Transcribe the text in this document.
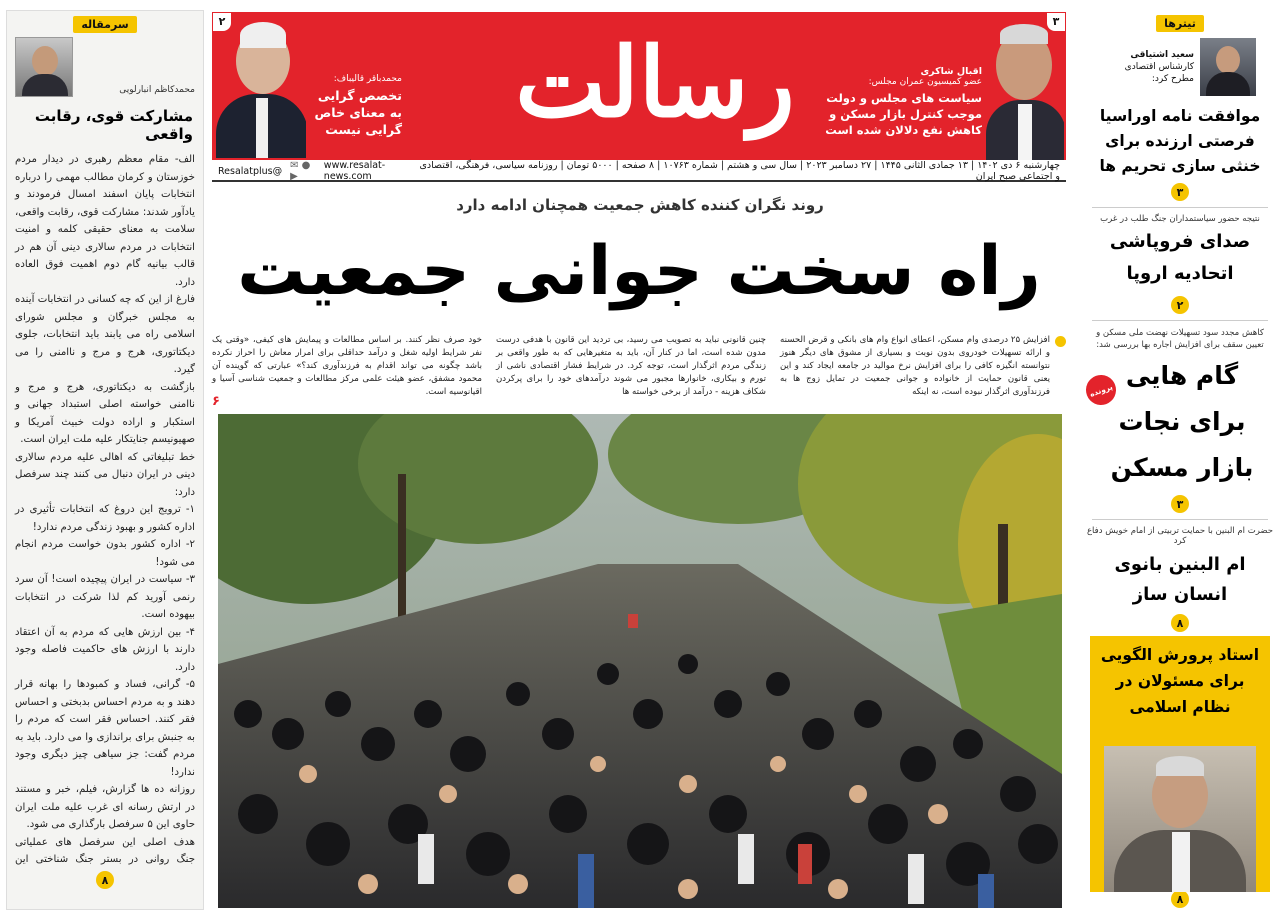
سرمقاله
محمدکاظم انبارلویی
مشارکت قوی، رقابت واقعی

الف- مقام معظم رهبری در دیدار مردم خوزستان و کرمان مطالب مهمی را درباره انتخابات پایان اسفند امسال فرمودند و یادآور شدند: مشارکت قوی، رقابت واقعی، سلامت به معنای حقیقی کلمه و امنیت انتخابات در مردم سالاری دینی آن هم در قالب بیانیه گام دوم اهمیت فوق العاده دارد.

فارغ از این که چه کسانی در انتخابات آینده به مجلس خبرگان و مجلس شورای اسلامی راه می یابند باید انتخابات، جلوی دیکتاتوری، هرج و مرج و ناامنی را می گیرد.

بازگشت به دیکتاتوری، هرج و مرج و ناامنی خواسته اصلی استبداد جهانی و استکبار و اراده دولت خبیث آمریکا و صهیونیسم جنایتکار علیه ملت ایران است.

خط تبلیغاتی که اهالی علیه مردم سالاری دینی در ایران دنبال می کنند چند سرفصل دارد:

۱- ترویج این دروغ که انتخابات تأثیری در اداره کشور و بهبود زندگی مردم ندارد!

۲- اداره کشور بدون خواست مردم انجام می شود!

۳- سیاست در ایران پیچیده است! آن سرد رنمی آورید کم لذا شرکت در انتخابات بیهوده است.

۴- بین ارزش هایی که مردم به آن اعتقاد دارند با ارزش های حاکمیت فاصله وجود دارد.

۵- گرانی، فساد و کمبودها را بهانه قرار دهند و به مردم احساس بدبختی و احساس فقر کنند. احساس فقر است که مردم را به جنبش برای براندازی وا می دارد. باید به مردم گفت: جز سیاهی چیز دیگری وجود ندارد!

روزانه ده ها گزارش، فیلم، خبر و مستند در ارتش رسانه ای غرب علیه ملت ایران حاوی این ۵ سرفصل بارگذاری می شود.

هدف اصلی این سرفصل های عملیاتی جنگ روانی در بستر جنگ شناختی این

۸
محمدباقر قالیباف:
تخصص گرایی به معنای خاص گرایی نیست	رسالت	اقبال شاکری
عضو کمیسیون عمران مجلس:
سیاست های مجلس و دولت موجب کنترل بازار مسکن و کاهش نفع دلالان شده است
۲	۳
چهارشنبه ۶ دی ۱۴۰۲ | ۱۳ جمادی الثانی ۱۴۴۵ | ۲۷ دسامبر ۲۰۲۳ | سال سی و هشتم | شماره ۱۰۷۶۳ | ۸ صفحه | ۵۰۰۰ تومان | روزنامه سیاسی، فرهنگی، اقتصادی و اجتماعی صبح ایران
Resalatplus@ ✉ ● ▶
www.resalat-news.com
روند نگران کننده کاهش جمعیت همچنان ادامه دارد
راه سخت جوانی جمعیت
افزایش ۲۵ درصدی وام مسکن، اعطای انواع وام های بانکی و قرض الحسنه و ارائه تسهیلات خودروی بدون نوبت و بسیاری از مشوق های دیگر هنوز نتوانسته انگیزه کافی را برای افزایش نرخ موالید در جامعه ایجاد کند و این یعنی قانون حمایت از خانواده و جوانی جمعیت در تمایل زوج ها به فرزندآوری اثرگذار نبوده است، نه اینکه
چنین قانونی نباید به تصویب می رسید، بی تردید این قانون با هدفی درست مدون شده است، اما در کنار آن، باید به متغیرهایی که به طور واقعی بر زندگی مردم اثرگذار است، توجه کرد. در شرایط فشار اقتصادی ناشی از تورم و بیکاری، خانوارها مجبور می شوند درآمدهای خود را برای پرکردن شکاف هزینه - درآمد از برخی خواسته ها
خود صرف نظر کنند. بر اساس مطالعات و پیمایش های کیفی، «وقتی یک نفر شرایط اولیه شغل و درآمد حداقلی برای امرار معاش را احراز نکرده باشد چگونه می تواند اقدام به فرزندآوری کند؟» عبارتی که گوینده آن محمود مشفق، عضو هیئت علمی مرکز مطالعات و جمعیت شناسی آسیا و اقیانوسیه است.
۶
تیترها
سعید اشتیاقی
کارشناس اقتصادی مطرح کرد:
موافقت نامه اوراسیا فرصتی ارزنده برای خنثی سازی تحریم ها
۳
نتیجه حضور سیاستمداران جنگ طلب در غرب
صدای فروپاشی اتحادیه اروپا
۲
کاهش مجدد سود تسهیلات نهضت ملی مسکن و تعیین سقف برای افزایش اجاره بها بررسی شد:
پرونده گام هایی برای نجات بازار مسکن
۳
حضرت ام البنین با حمایت تربیتی از امام خویش دفاع کرد
ام البنین بانوی انسان ساز
۸
استاد پرورش الگویی برای مسئولان در نظام اسلامی
۸
